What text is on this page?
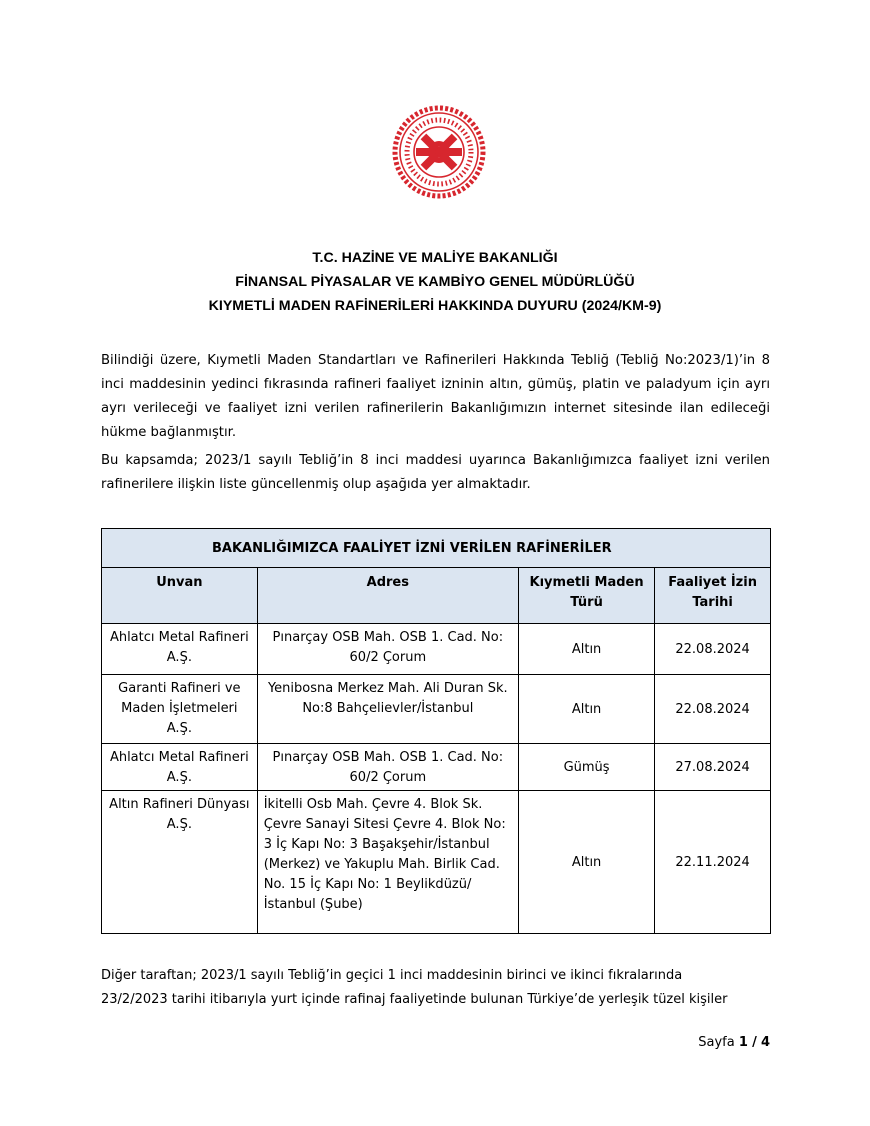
T.C. HAZİNE VE MALİYE BAKANLIĞI
FİNANSAL PİYASALAR VE KAMBİYO GENEL MÜDÜRLÜĞÜ
KIYMETLİ MADEN RAFİNERİLERİ HAKKINDA DUYURU (2024/KM-9)
Bilindiği üzere, Kıymetli Maden Standartları ve Rafinerileri Hakkında Tebliğ (Tebliğ No:2023/1)’in 8 inci maddesinin yedinci fıkrasında rafineri faaliyet izninin altın, gümüş, platin ve paladyum için ayrı ayrı verileceği ve faaliyet izni verilen rafinerilerin Bakanlığımızın internet sitesinde ilan edileceği hükme bağlanmıştır.
Bu kapsamda; 2023/1 sayılı Tebliğ’in 8 inci maddesi uyarınca Bakanlığımızca faaliyet izni verilen rafinerilere ilişkin liste güncellenmiş olup aşağıda yer almaktadır.
BAKANLIĞIMIZCA FAALİYET İZNİ VERİLEN RAFİNERİLER			
Unvan	Adres	Kıymetli Maden Türü	Faaliyet İzin Tarihi
Ahlatcı Metal Rafineri A.Ş.	Pınarçay OSB Mah. OSB 1. Cad. No: 60/2 Çorum	Altın	22.08.2024
Garanti Rafineri ve Maden İşletmeleri A.Ş.	Yenibosna Merkez Mah. Ali Duran Sk. No:8 Bahçelievler/İstanbul	Altın	22.08.2024
Ahlatcı Metal Rafineri A.Ş.	Pınarçay OSB Mah. OSB 1. Cad. No: 60/2 Çorum	Gümüş	27.08.2024
Altın Rafineri Dünyası A.Ş.	İkitelli Osb Mah. Çevre 4. Blok Sk. Çevre Sanayi Sitesi Çevre 4. Blok No: 3 İç Kapı No: 3 Başakşehir/İstanbul (Merkez) ve Yakuplu Mah. Birlik Cad. No. 15 İç Kapı No: 1 Beylikdüzü/İstanbul (Şube)	Altın	22.11.2024
Diğer taraftan; 2023/1 sayılı Tebliğ’in geçici 1 inci maddesinin birinci ve ikinci fıkralarında
23/2/2023 tarihi itibarıyla yurt içinde rafinaj faaliyetinde bulunan Türkiye’de yerleşik tüzel kişiler
Sayfa 1 / 4
